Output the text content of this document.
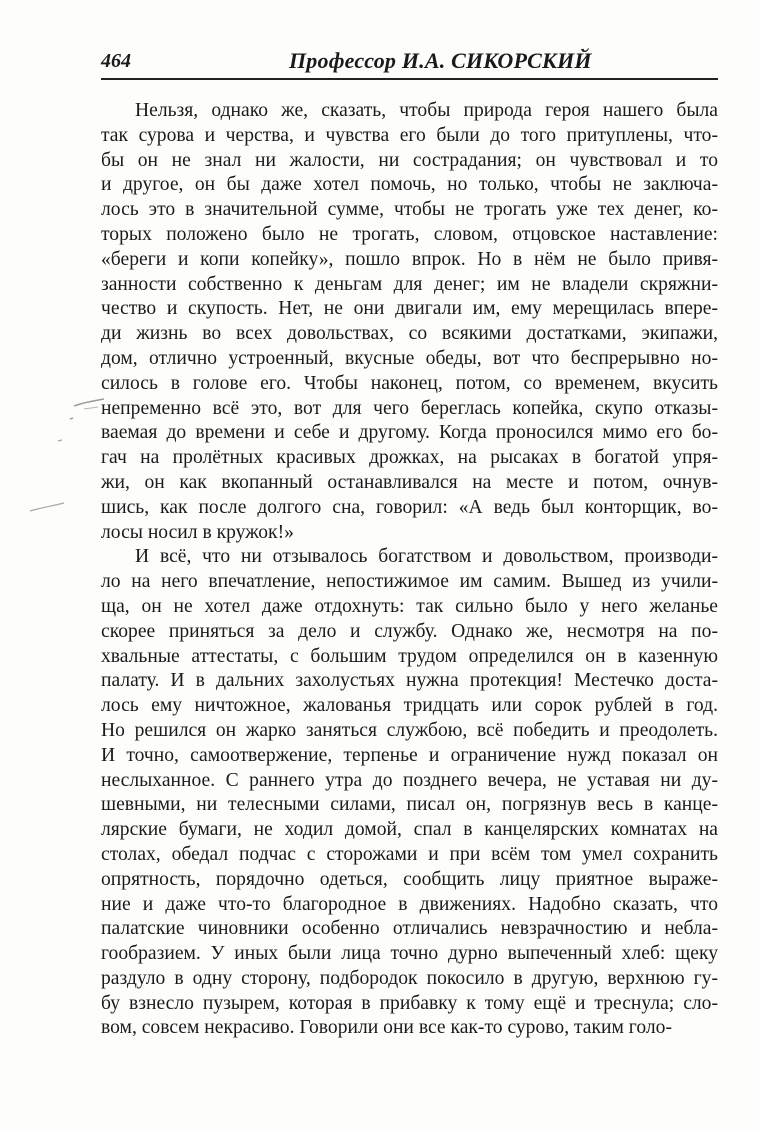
464	Профессор И.А. СИКОРСКИЙ
Нельзя, однако же, сказать, чтобы природа героя нашего была
так сурова и черства, и чувства его были до того притуплены, что-
бы он не знал ни жалости, ни сострадания; он чувствовал и то
и другое, он бы даже хотел помочь, но только, чтобы не заключа-
лось это в значительной сумме, чтобы не трогать уже тех денег, ко-
торых положено было не трогать, словом, отцовское наставление:
«береги и копи копейку», пошло впрок. Но в нём не было привя-
занности собственно к деньгам для денег; им не владели скряжни-
чество и скупость. Нет, не они двигали им, ему мерещилась впере-
ди жизнь во всех довольствах, со всякими достатками, экипажи,
дом, отлично устроенный, вкусные обеды, вот что беспрерывно но-
силось в голове его. Чтобы наконец, потом, со временем, вкусить
непременно всё это, вот для чего береглась копейка, скупо отказы-
ваемая до времени и себе и другому. Когда проносился мимо его бо-
гач на пролётных красивых дрожках, на рысаках в богатой упря-
жи, он как вкопанный останавливался на месте и потом, очнув-
шись, как после долгого сна, говорил: «А ведь был конторщик, во-
лосы носил в кружок!»
И всё, что ни отзывалось богатством и довольством, производи-
ло на него впечатление, непостижимое им самим. Вышед из учили-
ща, он не хотел даже отдохнуть: так сильно было у него желанье
скорее приняться за дело и службу. Однако же, несмотря на по-
хвальные аттестаты, с большим трудом определился он в казенную
палату. И в дальних захолустьях нужна протекция! Местечко доста-
лось ему ничтожное, жалованья тридцать или сорок рублей в год.
Но решился он жарко заняться службою, всё победить и преодолеть.
И точно, самоотвержение, терпенье и ограничение нужд показал он
неслыханное. С раннего утра до позднего вечера, не уставая ни ду-
шевными, ни телесными силами, писал он, погрязнув весь в канце-
лярские бумаги, не ходил домой, спал в канцелярских комнатах на
столах, обедал подчас с сторожами и при всём том умел сохранить
опрятность, порядочно одеться, сообщить лицу приятное выраже-
ние и даже что-то благородное в движениях. Надобно сказать, что
палатские чиновники особенно отличались невзрачностию и небла-
гообразием. У иных были лица точно дурно выпеченный хлеб: щеку
раздуло в одну сторону, подбородок покосило в другую, верхнюю гу-
бу взнесло пузырем, которая в прибавку к тому ещё и треснула; сло-
вом, совсем некрасиво. Говорили они все как-то сурово, таким голо-
